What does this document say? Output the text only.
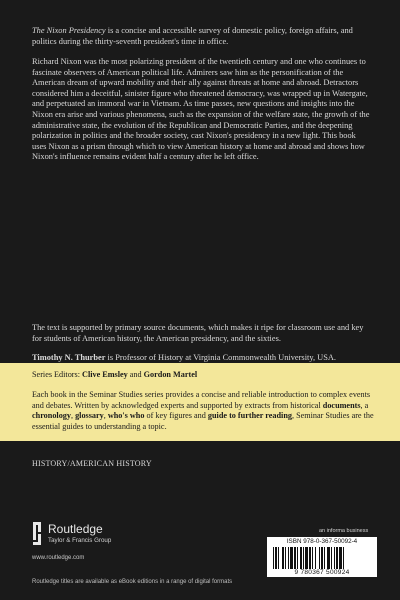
The Nixon Presidency is a concise and accessible survey of domestic policy, foreign affairs, and politics during the thirty-seventh president's time in office.

Richard Nixon was the most polarizing president of the twentieth century and one who continues to fascinate observers of American political life. Admirers saw him as the personification of the American dream of upward mobility and their ally against threats at home and abroad. Detractors considered him a deceitful, sinister figure who threatened democracy, was wrapped up in Watergate, and perpetuated an immoral war in Vietnam. As time passes, new questions and insights into the Nixon era arise and various phenomena, such as the expansion of the welfare state, the growth of the administrative state, the evolution of the Republican and Democratic Parties, and the deepening polarization in politics and the broader society, cast Nixon's presidency in a new light. This book uses Nixon as a prism through which to view American history at home and abroad and shows how Nixon's influence remains evident half a century after he left office.

The text is supported by primary source documents, which makes it ripe for classroom use and key for students of American history, the American presidency, and the sixties.

Timothy N. Thurber is Professor of History at Virginia Commonwealth University, USA.

Series Editors: Clive Emsley and Gordon Martel

Each book in the Seminar Studies series provides a concise and reliable introduction to complex events and debates. Written by acknowledged experts and supported by extracts from historical documents, a chronology, glossary, who's who of key figures and guide to further reading, Seminar Studies are the essential guides to understanding a topic.

HISTORY/AMERICAN HISTORY
Routledge
Taylor & Francis Group
www.routledge.com
Routledge titles are available as eBook editions in a range of digital formats
an informa business
ISBN 978-0-367-50092-4
9 780367 500924
